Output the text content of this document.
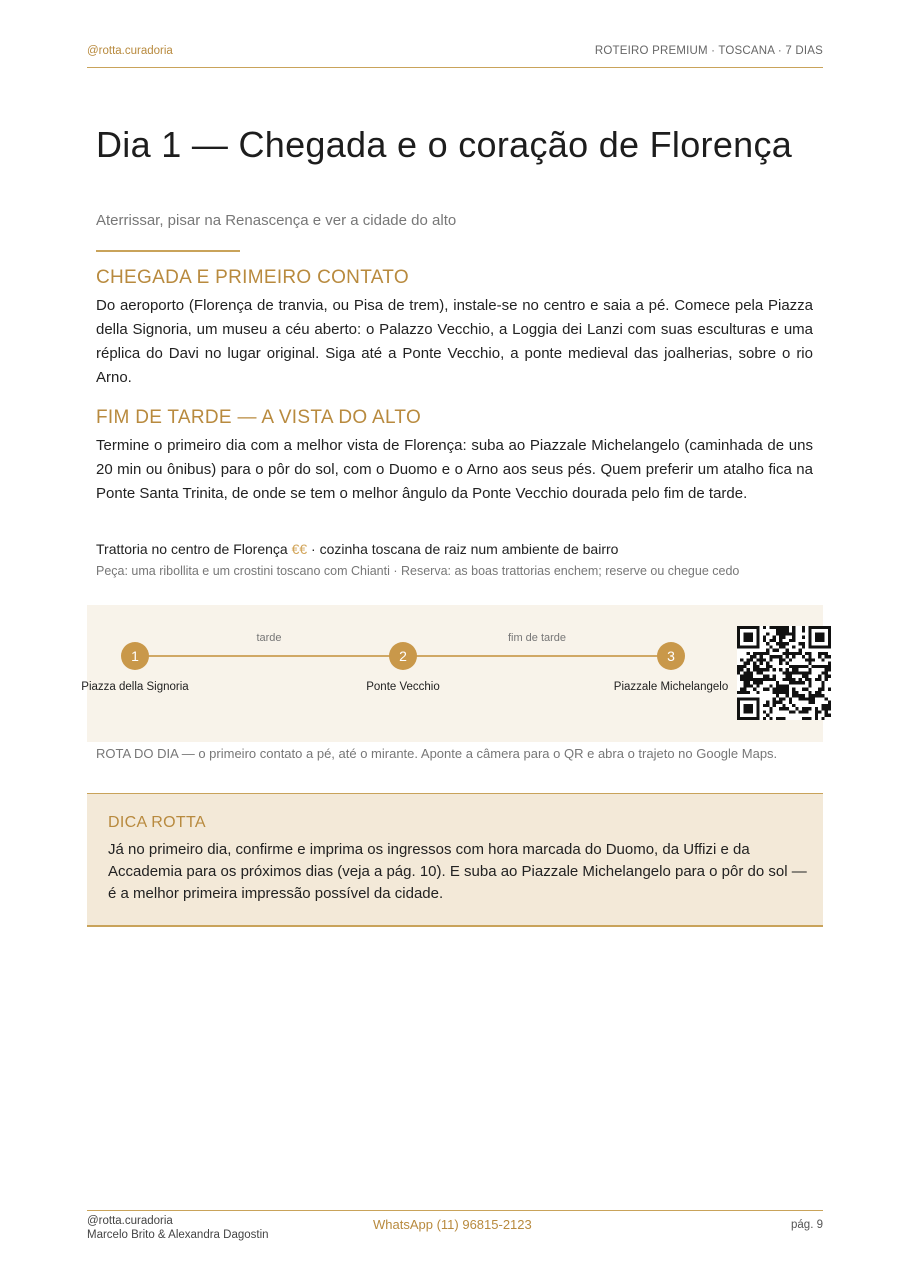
@rotta.curadoria	ROTEIRO PREMIUM · TOSCANA · 7 DIAS
Dia 1 — Chegada e o coração de Florença
Aterrissar, pisar na Renascença e ver a cidade do alto
CHEGADA E PRIMEIRO CONTATO

Do aeroporto (Florença de tranvia, ou Pisa de trem), instale-se no centro e saia a pé. Comece pela Piazza della Signoria, um museu a céu aberto: o Palazzo Vecchio, a Loggia dei Lanzi com suas esculturas e uma réplica do Davi no lugar original. Siga até a Ponte Vecchio, a ponte medieval das joalherias, sobre o rio Arno.

FIM DE TARDE — A VISTA DO ALTO

Termine o primeiro dia com a melhor vista de Florença: suba ao Piazzale Michelangelo (caminhada de uns 20 min ou ônibus) para o pôr do sol, com o Duomo e o Arno aos seus pés. Quem preferir um atalho fica na Ponte Santa Trinita, de onde se tem o melhor ângulo da Ponte Vecchio dourada pelo fim de tarde.

Trattoria no centro de Florença €€ · cozinha toscana de raiz num ambiente de bairro
Peça: uma ribollita e um crostini toscano com Chianti · Reserva: as boas trattorias enchem; reserve ou chegue cedo
tarde	fim de tarde
1	2	3
Piazza della Signoria	Ponte Vecchio	Piazzale Michelangelo
ROTA DO DIA — o primeiro contato a pé, até o mirante. Aponte a câmera para o QR e abra o trajeto no Google Maps.
DICA ROTTA

Já no primeiro dia, confirme e imprima os ingressos com hora marcada do Duomo, da Uffizi e da Accademia para os próximos dias (veja a pág. 10). E suba ao Piazzale Michelangelo para o pôr do sol — é a melhor primeira impressão possível da cidade.

@rotta.curadoria
Marcelo Brito & Alexandra Dagostin
WhatsApp (11) 96815-2123	pág. 9
